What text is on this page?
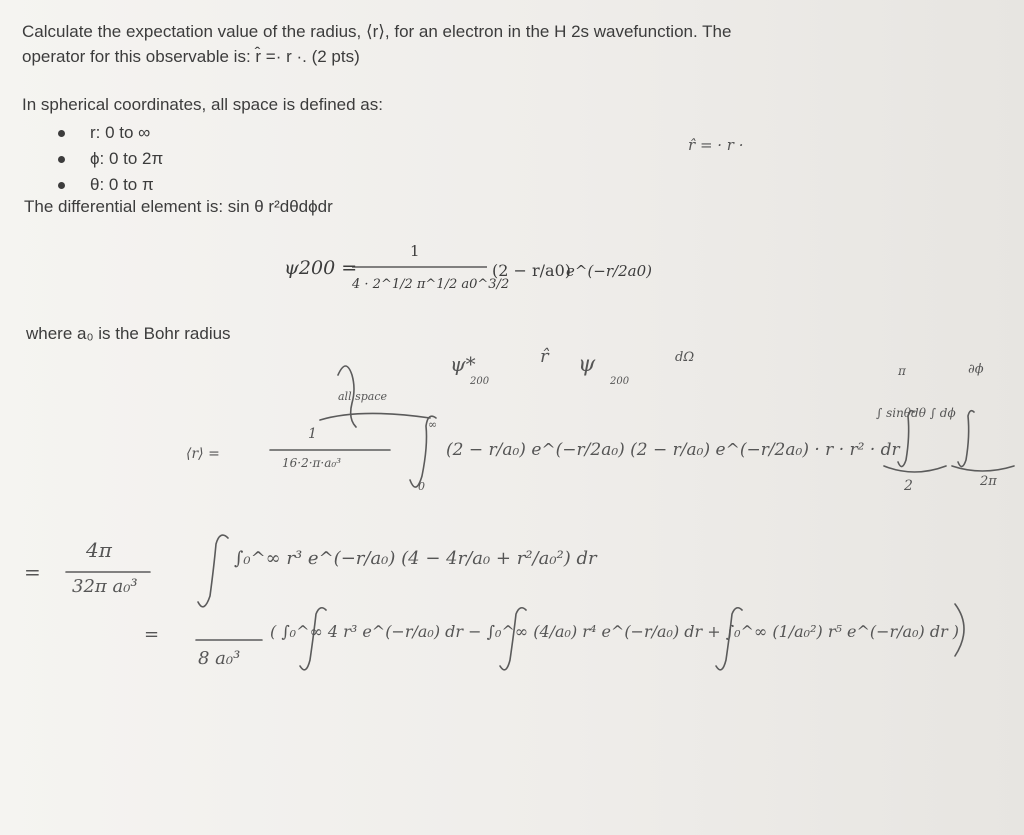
Calculate the expectation value of the radius, ⟨r⟩, for an electron in the H 2s wavefunction. The
operator for this observable is: r̂ =· r ·. (2 pts)
In spherical coordinates, all space is defined as:
r: 0 to ∞
ϕ: 0 to 2π
θ: 0 to π
The differential element is: sin θ r²dθdϕdr
ψ200 =
1
4 · 2^1/2 π^1/2 a0^3/2
(2 − r/a0)
e^(−r/2a0)
where a₀ is the Bohr radius
r̂ = · r ·
ψ*
200
r̂ ψ
200
dΩ
∂ϕ
all space
⟨r⟩ =
1
16·2·π·a₀³
∞
0
(2 − r/a₀) e^(−r/2a₀) (2 − r/a₀) e^(−r/2a₀) · r · r² · dr
π
∫ sinθdθ ∫ dϕ
2	2π
=
4π
32π a₀³
∫₀^∞ r³ e^(−r/a₀) (4 − 4r/a₀ + r²/a₀²) dr
=
8 a₀³
( ∫₀^∞ 4 r³ e^(−r/a₀) dr − ∫₀^∞ (4/a₀) r⁴ e^(−r/a₀) dr + ∫₀^∞ (1/a₀²) r⁵ e^(−r/a₀) dr )
